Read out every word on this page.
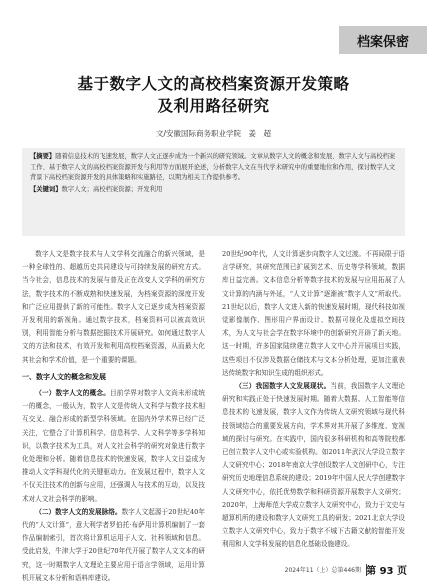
档案保密
基于数字人文的高校档案资源开发策略
及利用路径研究
文/安徽国际商务职业学院　姜　超

【摘要】随着信息技术的飞速发展，数字人文正逐步成为一个新兴的研究领域。文章从数字人文的概念和发展、数字人文与高校档案工作、基于数字人文的高校档案资源开发与利用等方面展开论述，分析数字人文在当代学术研究中的重要地位和作用，探讨数字人文背景下高校档案资源开发的具体策略和实施路径，以期为相关工作提供参考。

【关键词】数字人文；高校档案资源；开发利用

数字人文是数字技术与人文学科交流融合的新兴领域，是一种全球性的、超越历史共同建设与可持续发展的研究方式。当今社会，信息技术的发展与普及正在改变人文学科的研究方法，数字技术的不断成熟和快速发展，为档案资源的深度开发和广泛应用提供了新的可能性。数字人文已逐步成为档案资源开发利用的新视角。通过数字技术，档案资料可以被高效识别，利用智能分析与数据挖掘技术开展研究。如何通过数字人文的方法和技术，有效开发和利用高校档案资源，从而最大化其社会和学术价值，是一个重要的课题。

一、数字人文的概念和发展

（一）数字人文的概念。目前学界对数字人文尚未形成统一的概念，一般认为，数字人文是传统人文科学与数字技术相互交叉、融合形成的新型学科领域。在国内外学术界已经广泛关注，它整合了计算机科学、信息科学、人文科学等多学科知识，以数字技术为工具，对人文社会科学的研究对象进行数字化处理和分析。随着信息技术的快速发展，数字人文日益成为推动人文学科现代化的关键驱动力。在发展过程中，数字人文不仅关注技术的创新与应用，还强调人与技术的互动，以及技术对人文社会科学的影响。

（二）数字人文的发展脉络。数字人文起源于20世纪40年代的“人文计算”，意大利学者罗伯托·布萨用计算机编制了一套作品编制索引，首次将计算机运用于人文、社科领域和信息。受此启发，牛津大学于20世纪70年代开展了数字人文文本的研究，这一时期数字人文理论主要应用于语言学领域，运用计算机开展文本分析和语料库建设。

20世纪90年代，人文计算逐步向数字人文过渡。不再局限于语言学研究，其研究范围已扩展到艺术、历史等学科领域，数据库日益完善。文本信息分析等数字技术的发展与应用拓展了人文计算的内涵与外延，“人文计算”逐渐被“数字人文”所取代。21世纪以后，数字人文进入新的快速发展时期，现代科技如视觉影像制作、图形用户界面设计、数据可视化及虚拟空间技术，为人文与社会学在数字环境中的创新研究开辟了新天地。这一时期，许多国家陆续建立数字人文中心并开展项目实践，这些项目不仅涉及数据仓储技术与文本分析处理，更加注重表达传统数字和知识生成的组织形式。

（三）我国数字人文发展现状。当前，我国数字人文理论研究和实践正处于快速发展时期。随着大数据、人工智能等信息技术的飞速发展，数字人文作为传统人文研究领域与现代科技领域结合的重要发展方向，学术界对其开展了多维度、宽视域的探讨与研究。在实践中，国内很多科研机构和高等院校都已创立数字人文中心或实验机构。如2011年武汉大学设立数字人文研究中心；2018年南京大学创设数字人文创研中心，专注研究历史地理信息系统的建设；2019年中国人民大学创建数字人文研究中心，依托优势数学和科研资源开展数字人文研究；2020年，上海师范大学成立数字人文研究中心，致力于文史与超算机所的建设和数字人文研究工具的研发；2021北京大学设立数字人文研究中心，致力于数字不城下古籍文献的智能开发利用和人文学科发展的信息化基础设施建设。

2024年11（上）总第446期 第 93 页
